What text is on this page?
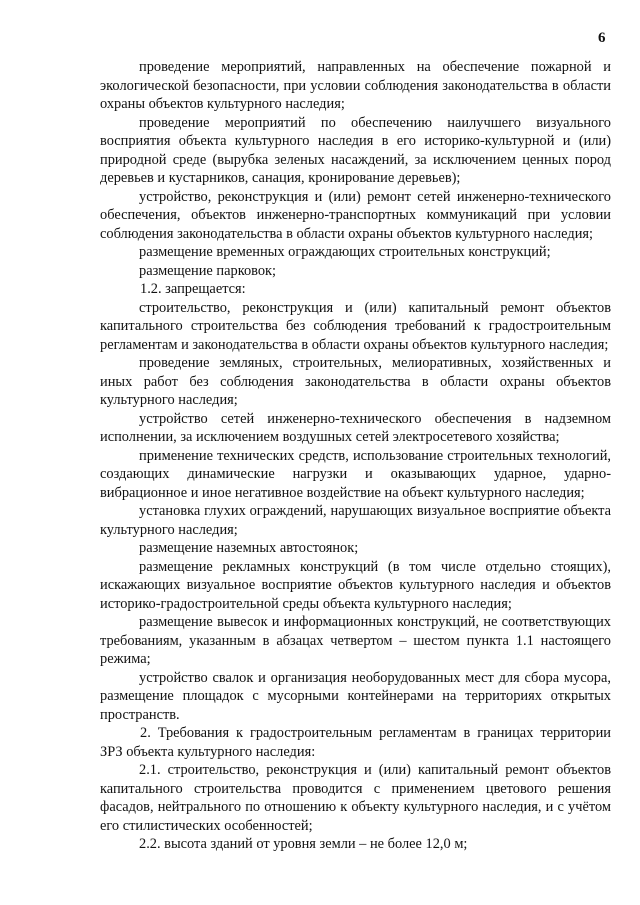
6

проведение мероприятий, направленных на обеспечение пожарной и экологической безопасности, при условии соблюдения законодательства в области охраны объектов культурного наследия;

проведение мероприятий по обеспечению наилучшего визуального восприятия объекта культурного наследия в его историко-культурной и (или) природной среде (вырубка зеленых насаждений, за исключением ценных пород деревьев и кустарников, санация, кронирование деревьев);

устройство, реконструкция и (или) ремонт сетей инженерно-технического обеспечения, объектов инженерно-транспортных коммуникаций при условии соблюдения законодательства в области охраны объектов культурного наследия;

размещение временных ограждающих строительных конструкций;

размещение парковок;

1.2. запрещается:

строительство, реконструкция и (или) капитальный ремонт объектов капитального строительства без соблюдения требований к градостроительным регламентам и законодательства в области охраны объектов культурного наследия;

проведение земляных, строительных, мелиоративных, хозяйственных и иных работ без соблюдения законодательства в области охраны объектов культурного наследия;

устройство сетей инженерно-технического обеспечения в надземном исполнении, за исключением воздушных сетей электросетевого хозяйства;

применение технических средств, использование строительных технологий, создающих динамические нагрузки и оказывающих ударное, ударно-вибрационное и иное негативное воздействие на объект культурного наследия;

установка глухих ограждений, нарушающих визуальное восприятие объекта культурного наследия;

размещение наземных автостоянок;

размещение рекламных конструкций (в том числе отдельно стоящих), искажающих визуальное восприятие объектов культурного наследия и объектов историко-градостроительной среды объекта культурного наследия;

размещение вывесок и информационных конструкций, не соответствующих требованиям, указанным в абзацах четвертом – шестом пункта 1.1 настоящего режима;

устройство свалок и организация необорудованных мест для сбора мусора, размещение площадок с мусорными контейнерами на территориях открытых пространств.

2. Требования к градостроительным регламентам в границах территории ЗРЗ объекта культурного наследия:

2.1. строительство, реконструкция и (или) капитальный ремонт объектов капитального строительства проводится с применением цветового решения фасадов, нейтрального по отношению к объекту культурного наследия, и с учётом его стилистических особенностей;

2.2. высота зданий от уровня земли – не более 12,0 м;
